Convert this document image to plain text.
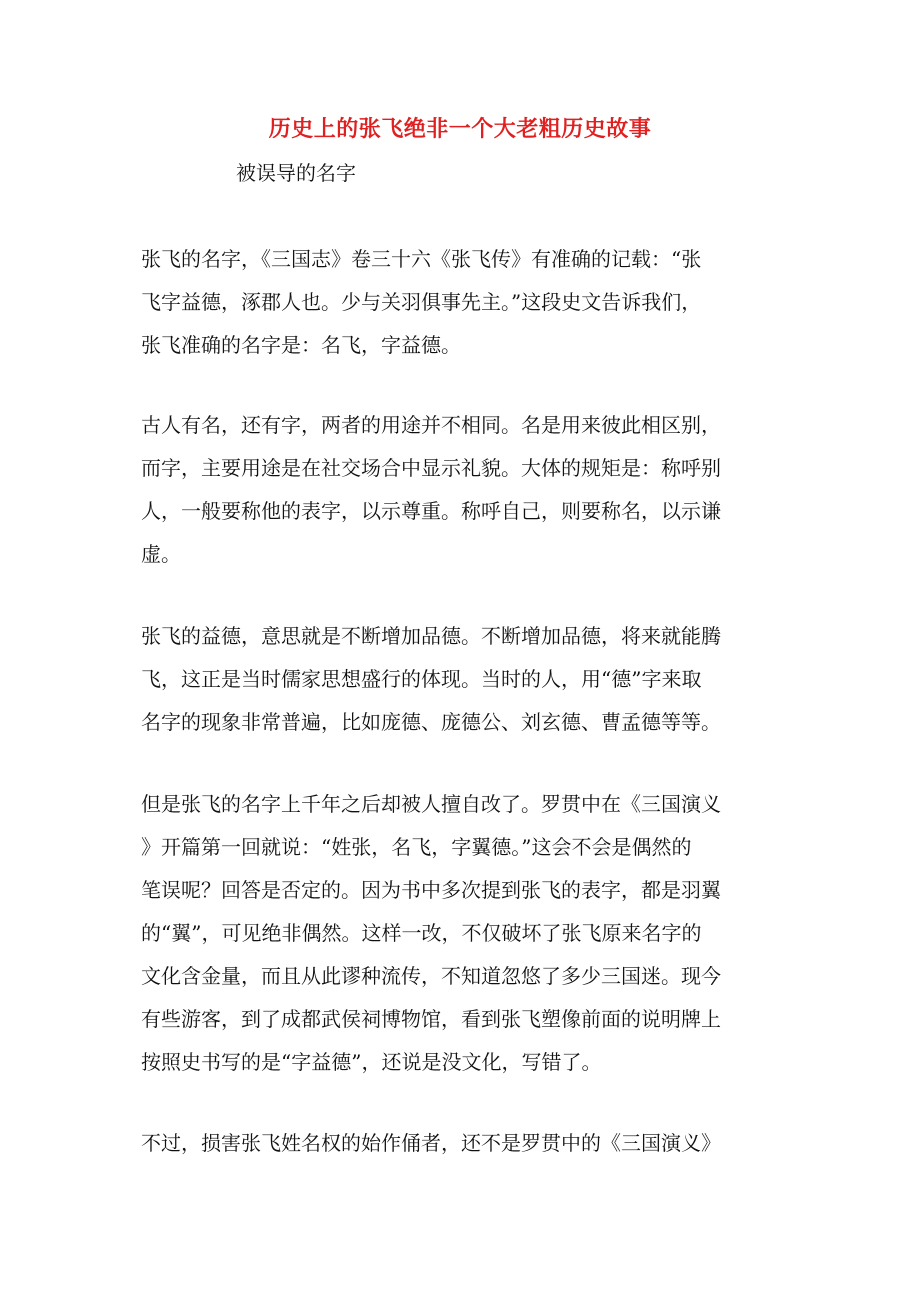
历史上的张飞绝非一个大老粗历史故事
被误导的名字
张飞的名字，《三国志》卷三十六《张飞传》有准确的记载：“张
飞字益德，涿郡人也。少与关羽俱事先主。”这段史文告诉我们，
张飞准确的名字是：名飞，字益德。
古人有名，还有字，两者的用途并不相同。名是用来彼此相区别，
而字，主要用途是在社交场合中显示礼貌。大体的规矩是：称呼别
人，一般要称他的表字，以示尊重。称呼自己，则要称名，以示谦
虚。
张飞的益德，意思就是不断增加品德。不断增加品德，将来就能腾
飞，这正是当时儒家思想盛行的体现。当时的人，用“德”字来取
名字的现象非常普遍，比如庞德、庞德公、刘玄德、曹孟德等等。
但是张飞的名字上千年之后却被人擅自改了。罗贯中在《三国演义
》开篇第一回就说：“姓张，名飞，字翼德。”这会不会是偶然的
笔误呢？回答是否定的。因为书中多次提到张飞的表字，都是羽翼
的“翼”，可见绝非偶然。这样一改，不仅破坏了张飞原来名字的
文化含金量，而且从此谬种流传，不知道忽悠了多少三国迷。现今
有些游客，到了成都武侯祠博物馆，看到张飞塑像前面的说明牌上
按照史书写的是“字益德”，还说是没文化，写错了。
不过，损害张飞姓名权的始作俑者，还不是罗贯中的《三国演义》
